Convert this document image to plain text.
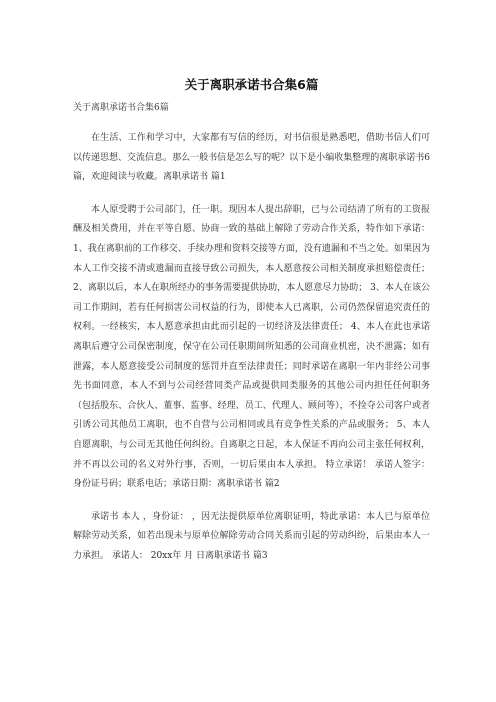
关于离职承诺书合集6篇
关于离职承诺书合集6篇

在生活、工作和学习中，大家都有写信的经历，对书信很是熟悉吧，借助书信人们可以传递思想、交流信息。那么一般书信是怎么写的呢？以下是小编收集整理的离职承诺书6篇，欢迎阅读与收藏。离职承诺书 篇1

本人原受聘于公司部门，任一职。现因本人提出辞职，已与公司结清了所有的工资报酬及相关费用，并在平等自愿、协商一致的基础上解除了劳动合作关系，特作如下承诺： 1、我在离职前的工作移交、手续办理和资料交接等方面，没有遗漏和不当之处。如果因为本人工作交接不清或遗漏而直接导致公司损失，本人愿意按公司相关制度承担赔偿责任； 2、离职以后，本人在职所经办的事务需要提供协助，本人愿意尽力协助； 3、本人在该公司工作期间，若有任何损害公司权益的行为，即使本人已离职，公司仍然保留追究责任的权利。一经核实，本人愿意承担由此而引起的一切经济及法律责任； 4、本人在此也承诺离职后遵守公司保密制度，保守在公司任职期间所知悉的公司商业机密，决不泄露；如有泄露，本人愿意接受公司制度的惩罚并直至法律责任；同时承诺在离职一年内非经公司事先书面同意，本人不到与公司经营同类产品或提供同类服务的其他公司内担任任何职务（包括股东、合伙人、董事、监事、经理、员工、代理人、顾问等），不捡夺公司客户或者引诱公司其他员工离职，也不自营与公司相同或具有竞争性关系的产品或服务； 5、本人自愿离职，与公司无其他任何纠纷。自离职之日起，本人保证不再向公司主张任何权利，并不再以公司的名义对外行事，否则，一切后果由本人承担。 特立承诺！ 承诺人签字： 身份证号码；联系电话；承诺日期：离职承诺书 篇2

承诺书 本人 ，身份证： ，因无法提供原单位离职证明，特此承诺：本人已与原单位解除劳动关系，如若出现未与原单位解除劳动合同关系而引起的劳动纠纷，后果由本人一力承担。 承诺人： 20xx年 月 日离职承诺书 篇3
